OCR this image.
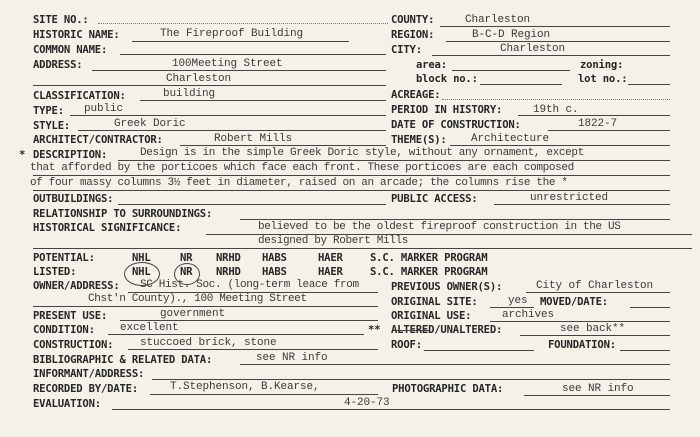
SITE NO.:
HISTORIC NAME:	The Fireproof Building
COMMON NAME:
ADDRESS:	100Meeting Street
Charleston
CLASSIFICATION:	building
TYPE: public
STYLE:	Greek Doric
ARCHITECT/CONTRACTOR:	Robert Mills
COUNTY:	Charleston
REGION:	B-C-D Region
CITY:	Charleston
area:	zoning:
block no.:	lot no.:
ACREAGE:
PERIOD IN HISTORY:	19th c.
DATE OF CONSTRUCTION:	1822-7
THEME(S): Architecture
* DESCRIPTION:	Design is in the simple Greek Doric style, without any ornament, except
that afforded by the porticoes which face each front. These porticoes are each composed
of four massy columns 3½ feet in diameter, raised on an arcade; the columns rise the *
OUTBUILDINGS:	PUBLIC ACCESS:	unrestricted
RELATIONSHIP TO SURROUNDINGS:
HISTORICAL SIGNIFICANCE:	believed to be the oldest fireproof construction in the US
designed by Robert Mills
POTENTIAL:	NHL	NR NRHD HABS	HAER	S.C. MARKER PROGRAM
LISTED:	NHL	NR NRHD HABS	HAER	S.C. MARKER PROGRAM
OWNER/ADDRESS: SC Hist. Soc. (long-term leace from
Chst'n County)., 100 Meeting Street
PREVIOUS OWNER(S):	City of Charleston
ORIGINAL SITE:	yes MOVED/DATE:
PRESENT USE:	government	ORIGINAL USE:	archives
CONDITION: excellent	** ALTERED/UNALTERED:	see back**
CONSTRUCTION: stuccoed brick, stone	ROOF:	FOUNDATION:
BIBLIOGRAPHIC & RELATED DATA:	see NR info
INFORMANT/ADDRESS:
RECORDED BY/DATE:	T.Stephenson, B.Kearse,	PHOTOGRAPHIC DATA:	see NR info
EVALUATION:	4-20-73
